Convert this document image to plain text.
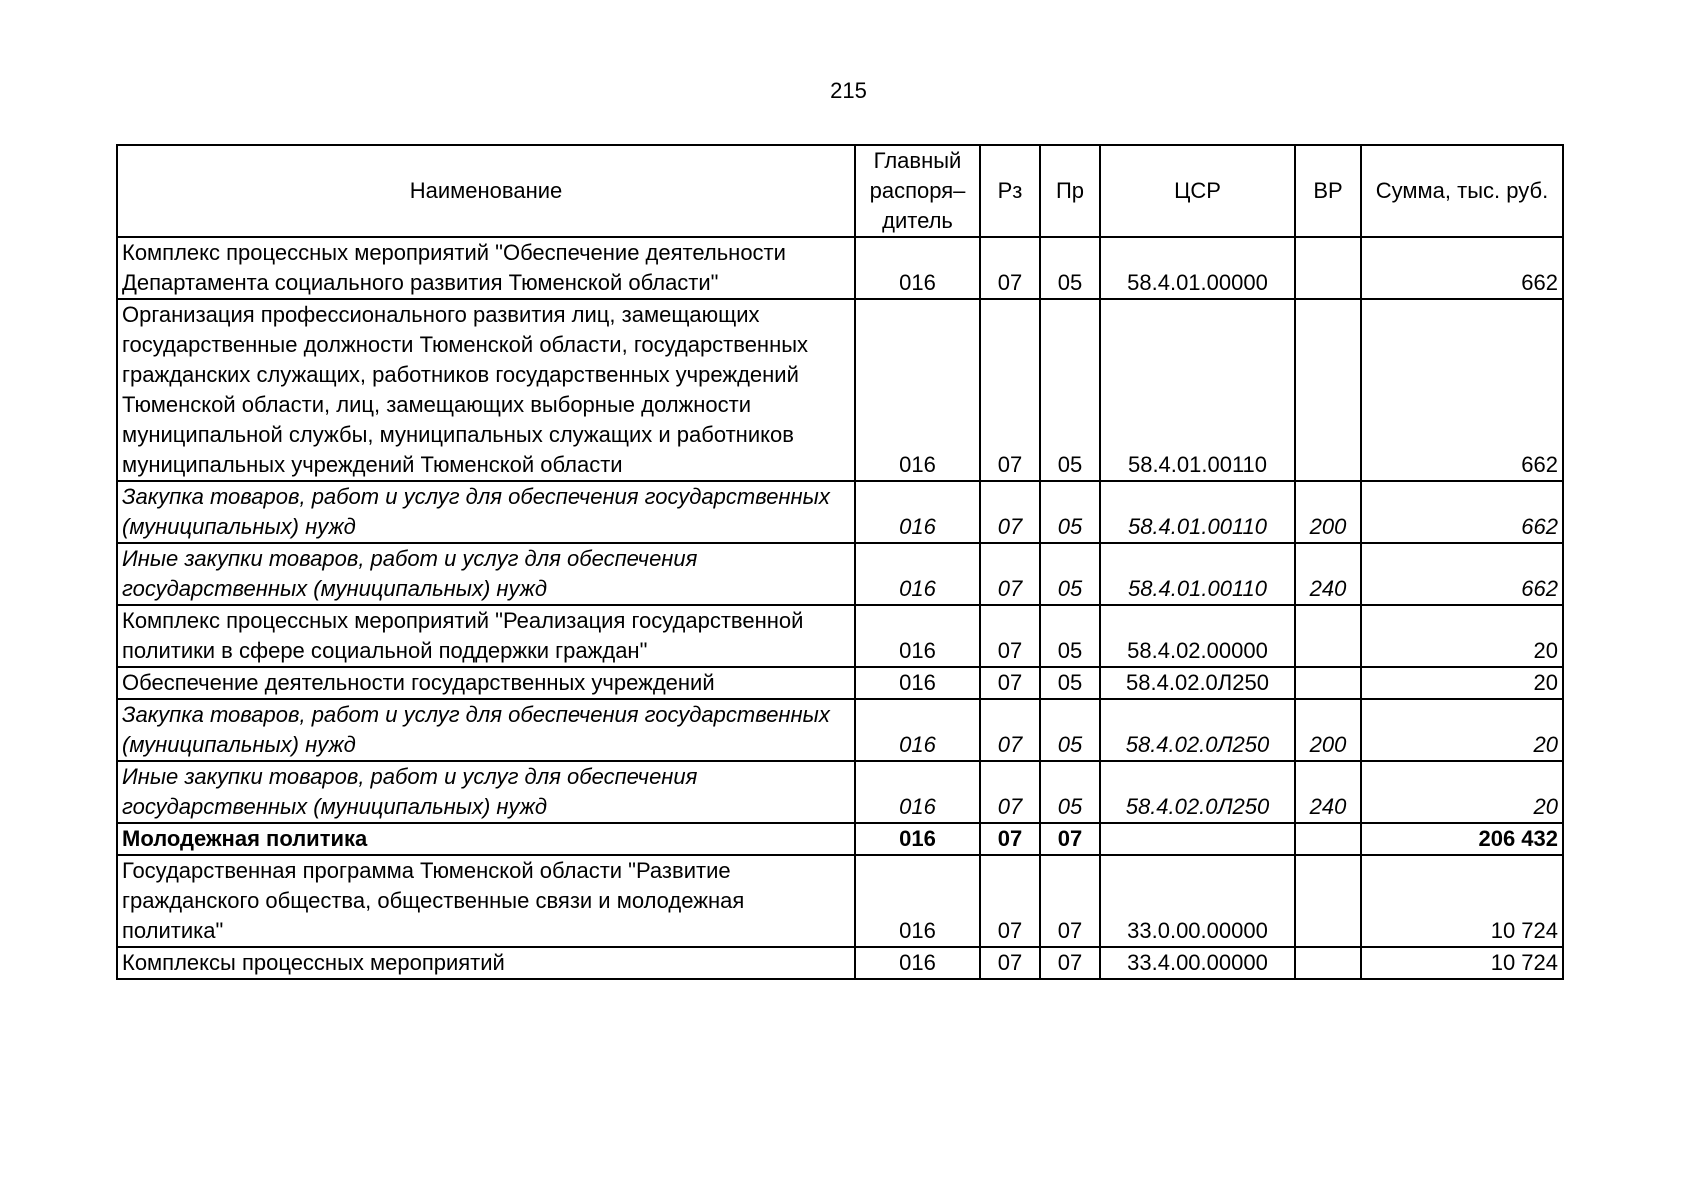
215
Наименование	Главный распоря– дитель	Рз	Пр	ЦСР	ВР	Сумма, тыс. руб.
Комплекс процессных мероприятий "Обеспечение деятельности Департамента социального развития Тюменской области"	016	07	05	58.4.01.00000		662
Организация профессионального развития лиц, замещающих государственные должности Тюменской области, государственных гражданских служащих, работников государственных учреждений Тюменской области, лиц, замещающих выборные должности муниципальной службы, муниципальных служащих и работников муниципальных учреждений Тюменской области	016	07	05	58.4.01.00110		662
Закупка товаров, работ и услуг для обеспечения государственных (муниципальных) нужд	016	07	05	58.4.01.00110	200	662
Иные закупки товаров, работ и услуг для обеспечения государственных (муниципальных) нужд	016	07	05	58.4.01.00110	240	662
Комплекс процессных мероприятий "Реализация государственной политики в сфере социальной поддержки граждан"	016	07	05	58.4.02.00000		20
Обеспечение деятельности государственных учреждений	016	07	05	58.4.02.0Л250		20
Закупка товаров, работ и услуг для обеспечения государственных (муниципальных) нужд	016	07	05	58.4.02.0Л250	200	20
Иные закупки товаров, работ и услуг для обеспечения государственных (муниципальных) нужд	016	07	05	58.4.02.0Л250	240	20
Молодежная политика	016	07	07			206 432
Государственная программа Тюменской области "Развитие гражданского общества, общественные связи и молодежная политика"	016	07	07	33.0.00.00000		10 724
Комплексы процессных мероприятий	016	07	07	33.4.00.00000		10 724
